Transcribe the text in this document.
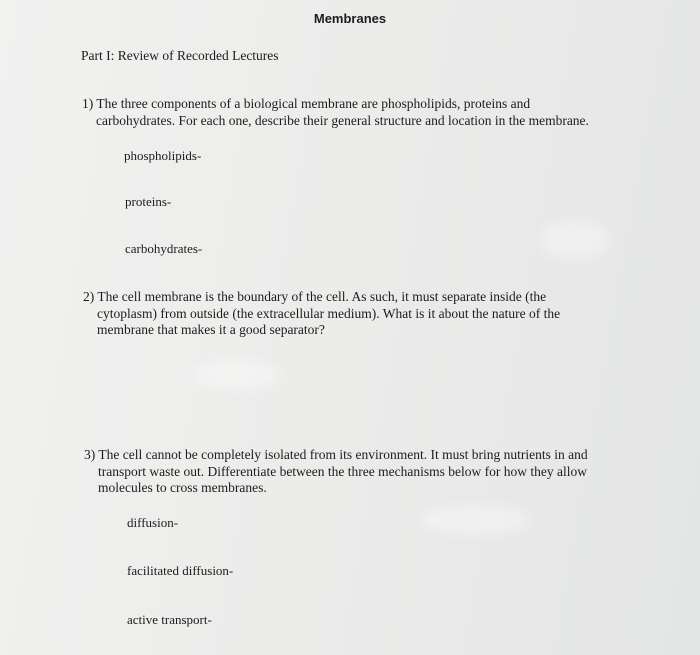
Membranes
Part I: Review of Recorded Lectures
1) The three components of a biological membrane are phospholipids, proteins and
carbohydrates. For each one, describe their general structure and location in the membrane.
phospholipids-
proteins-
carbohydrates-
2) The cell membrane is the boundary of the cell. As such, it must separate inside (the
cytoplasm) from outside (the extracellular medium). What is it about the nature of the
membrane that makes it a good separator?
3) The cell cannot be completely isolated from its environment. It must bring nutrients in and
transport waste out. Differentiate between the three mechanisms below for how they allow
molecules to cross membranes.
diffusion-
facilitated diffusion-
active transport-
